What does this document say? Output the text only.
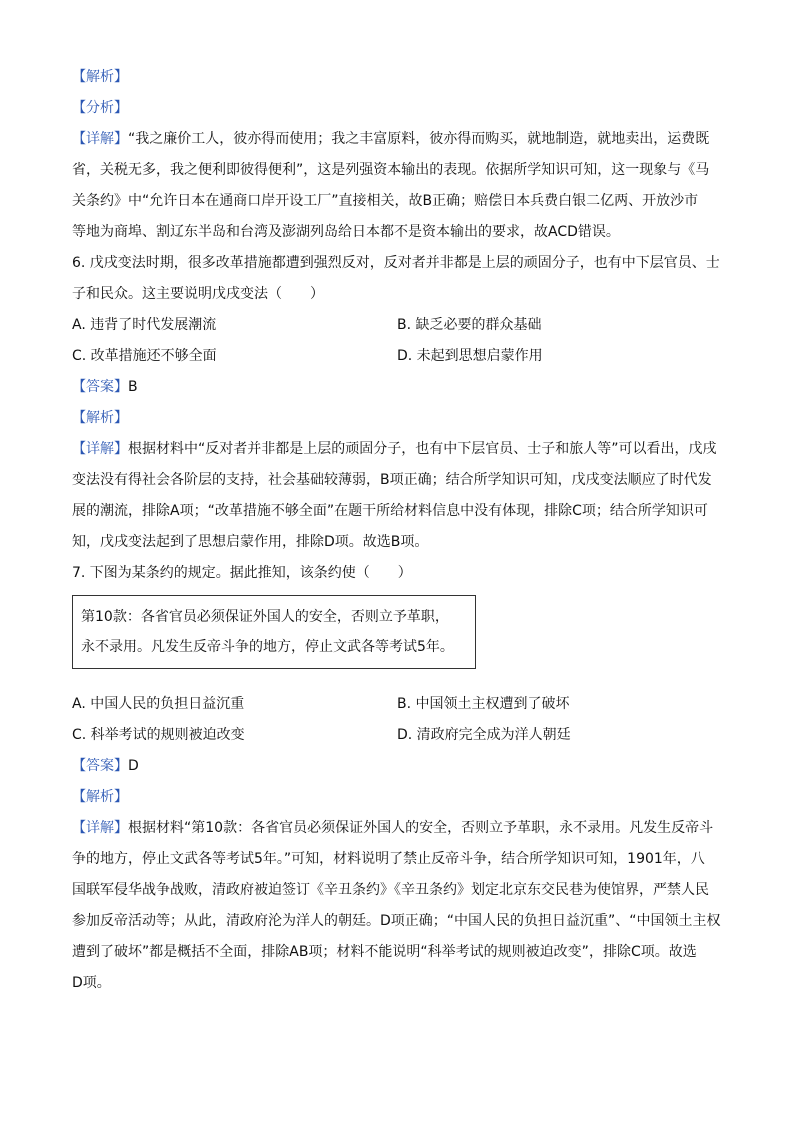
【解析】
【分析】
【详解】“我之廉价工人，彼亦得而使用；我之丰富原料，彼亦得而购买，就地制造，就地卖出，运费既
省，关税无多，我之便利即彼得便利”，这是列强资本输出的表现。依据所学知识可知，这一现象与《马
关条约》中“允许日本在通商口岸开设工厂”直接相关，故B正确；赔偿日本兵费白银二亿两、开放沙市
等地为商埠、割辽东半岛和台湾及澎湖列岛给日本都不是资本输出的要求，故ACD错误。
6. 戊戌变法时期，很多改革措施都遭到强烈反对，反对者并非都是上层的顽固分子，也有中下层官员、士
子和民众。这主要说明戊戌变法（　　）
A. 违背了时代发展潮流	B. 缺乏必要的群众基础
C. 改革措施还不够全面	D. 未起到思想启蒙作用
【答案】B
【解析】
【详解】根据材料中“反对者并非都是上层的顽固分子，也有中下层官员、士子和旅人等”可以看出，戊戌
变法没有得社会各阶层的支持，社会基础较薄弱，B项正确；结合所学知识可知，戊戌变法顺应了时代发
展的潮流，排除A项；“改革措施不够全面”在题干所给材料信息中没有体现，排除C项；结合所学知识可
知，戊戌变法起到了思想启蒙作用，排除D项。故选B项。
7. 下图为某条约的规定。据此推知，该条约使（　　）
第10款：各省官员必须保证外国人的安全，否则立予革职，
永不录用。凡发生反帝斗争的地方，停止文武各等考试5年。
A. 中国人民的负担日益沉重	B. 中国领土主权遭到了破坏
C. 科举考试的规则被迫改变	D. 清政府完全成为洋人朝廷
【答案】D
【解析】
【详解】根据材料“第10款：各省官员必须保证外国人的安全，否则立予革职，永不录用。凡发生反帝斗
争的地方，停止文武各等考试5年。”可知，材料说明了禁止反帝斗争，结合所学知识可知，1901年，八
国联军侵华战争战败，清政府被迫签订《辛丑条约》《辛丑条约》划定北京东交民巷为使馆界，严禁人民
参加反帝活动等；从此，清政府沦为洋人的朝廷。D项正确；“中国人民的负担日益沉重”、“中国领土主权
遭到了破坏”都是概括不全面，排除AB项；材料不能说明“科举考试的规则被迫改变”，排除C项。故选
D项。
